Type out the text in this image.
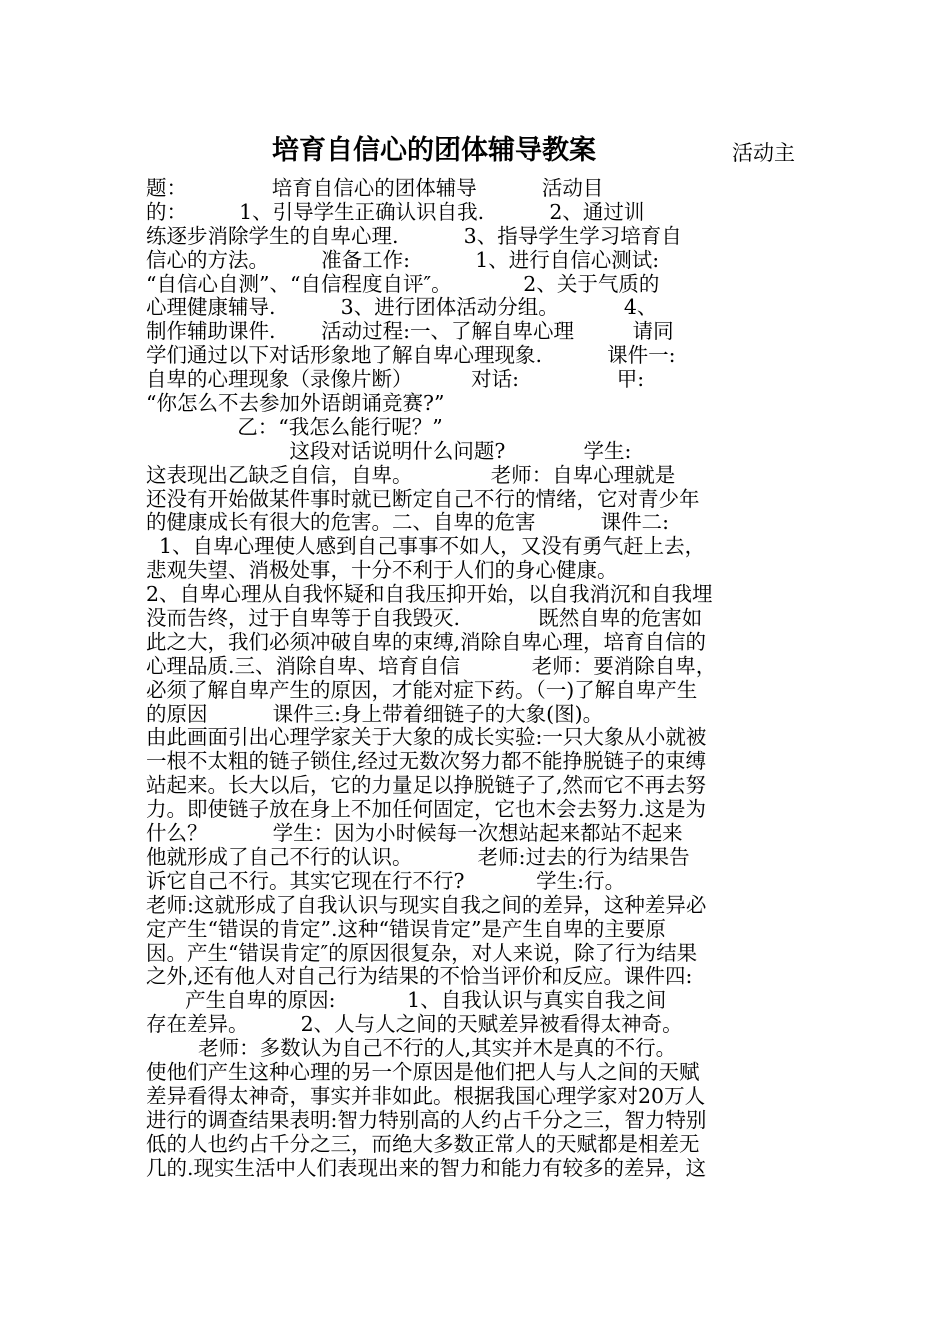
培育自信心的团体辅导教案	活动主
题：             培育自信心的团体辅导          活动目
的：        1、引导学生正确认识自我.          2、通过训
练逐步消除学生的自卑心理.          3、指导学生学习培育自
信心的方法。        准备工作:          1、进行自信心测试:
“自信心自测”、“自信程度自评″。           2、关于气质的
心理健康辅导.          3、进行团体活动分组。          4、
制作辅助课件.       活动过程:一、了解自卑心理         请同
学们通过以下对话形象地了解自卑心理现象.          课件一:
自卑的心理现象（录像片断）         对话:               甲:
“你怎么不去参加外语朗诵竞赛?”
乙：“我怎么能行呢？”
这段对话说明什么问题?            学生:
这表现出乙缺乏自信，自卑。            老师：自卑心理就是
还没有开始做某件事时就已断定自己不行的情绪，它对青少年
的健康成长有很大的危害。二、自卑的危害          课件二:
1、自卑心理使人感到自己事事不如人，又没有勇气赶上去，
悲观失望、消极处事，十分不利于人们的身心健康。
2、自卑心理从自我怀疑和自我压抑开始，以自我消沉和自我埋
没而告终，过于自卑等于自我毁灭.            既然自卑的危害如
此之大，我们必须冲破自卑的束缚,消除自卑心理，培育自信的
心理品质.三、消除自卑、培育自信           老师：要消除自卑，
必须了解自卑产生的原因，才能对症下药。（一)了解自卑产生
的原因          课件三:身上带着细链子的大象(图)。
由此画面引出心理学家关于大象的成长实验:一只大象从小就被
一根不太粗的链子锁住,经过无数次努力都不能挣脱链子的束缚
站起来。长大以后，它的力量足以挣脱链子了,然而它不再去努
力。即使链子放在身上不加任何固定，它也木会去努力.这是为
什么？          学生：因为小时候每一次想站起来都站不起来
他就形成了自己不行的认识。          老师:过去的行为结果告
诉它自己不行。其实它现在行不行?           学生:行。
老师:这就形成了自我认识与现实自我之间的差异，这种差异必
定产生“错误的肯定”.这种“错误肯定”是产生自卑的主要原
因。产生“错误肯定″的原因很复杂，对人来说，除了行为结果
之外,还有他人对自己行为结果的不恰当评价和反应。课件四:
产生自卑的原因:           1、自我认识与真实自我之间
存在差异。        2、人与人之间的天赋差异被看得太神奇。
老师：多数认为自己不行的人,其实并木是真的不行。
使他们产生这种心理的另一个原因是他们把人与人之间的天赋
差异看得太神奇，事实并非如此。根据我国心理学家对20万人
进行的调查结果表明:智力特别高的人约占千分之三，智力特别
低的人也约占千分之三，而绝大多数正常人的天赋都是相差无
几的.现实生活中人们表现出来的智力和能力有较多的差异，这
